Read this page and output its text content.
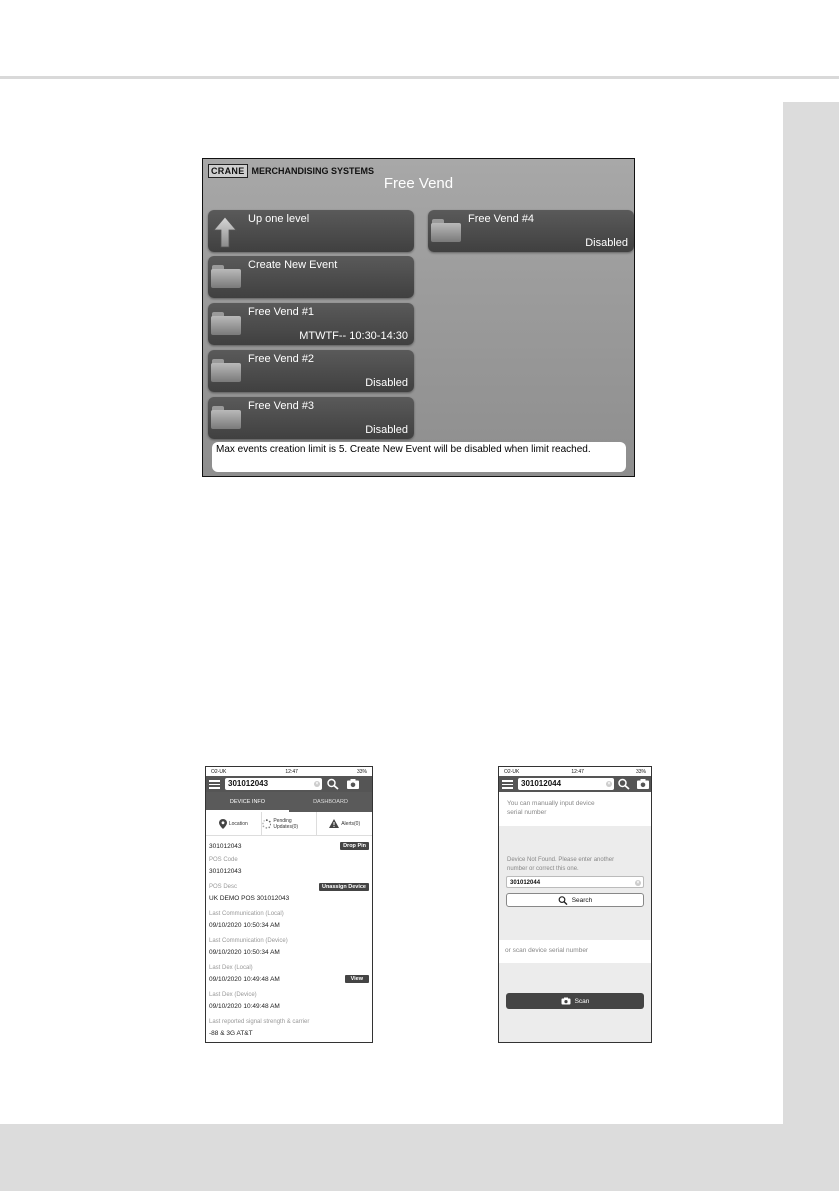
CRANE MERCHANDISING SYSTEMS
Free Vend
Up one level
Create New Event
Free Vend #1
MTWTF-- 10:30-14:30
Free Vend #2
Disabled
Free Vend #3
Disabled
Free Vend #4
Disabled
Max events creation limit is 5. Create New Event will be disabled when limit reached.
O2-UK	12:47	33%
301012043	×
DEVICE INFO	DASHBOARD
Location	Pending Updates(0)	Alerts(0)
301012043	Drop Pin
POS Code
301012043
POS Desc	Unassign Device
UK DEMO POS 301012043
Last Communication (Local)
09/10/2020 10:50:34 AM
Last Communication (Device)
09/10/2020 10:50:34 AM
Last Dex (Local)
09/10/2020 10:49:48 AM	View
Last Dex (Device)
09/10/2020 10:49:48 AM
Last reported signal strength & carrier
-88 & 3G AT&T
O2-UK	12:47	33%
301012044	×
You can manually input device
serial number
Device Not Found. Please enter another
number or correct this one.
301012044	×
Search
or scan device serial number
Scan
